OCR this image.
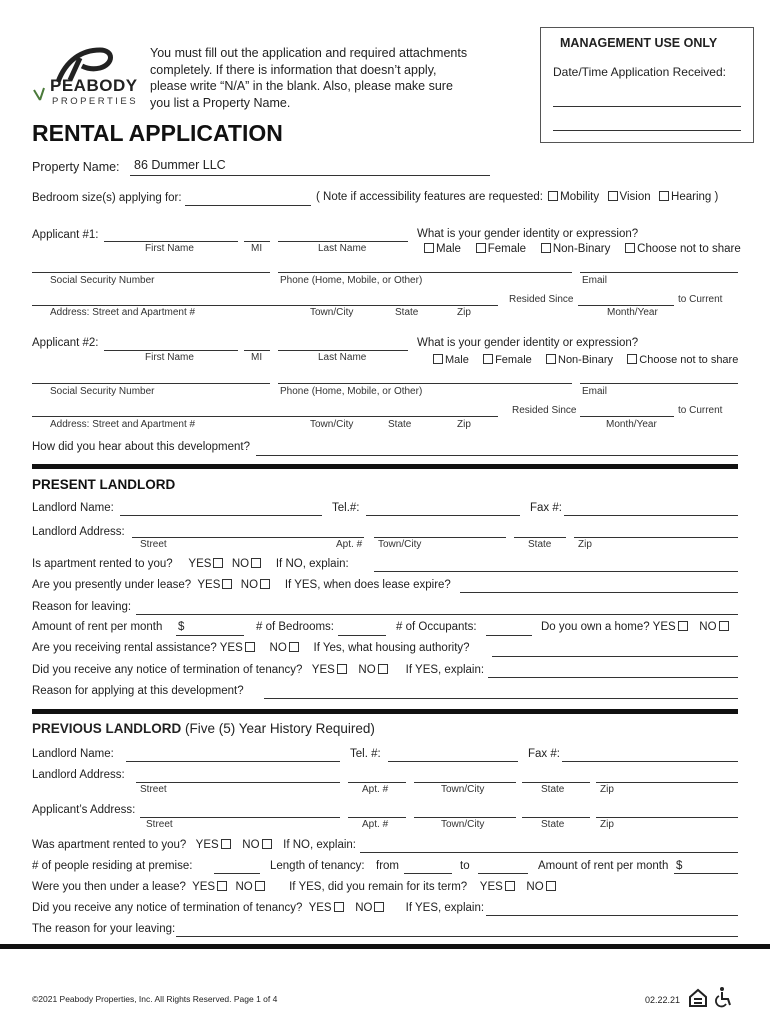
PEABODY
PROPERTIES
You must fill out the application and required attachments
completely. If there is information that doesn’t apply,
please write “N/A” in the blank. Also, please make sure
you list a Property Name.
MANAGEMENT USE ONLY
Date/Time Application Received:
RENTAL APPLICATION
Property Name: 86 Dummer LLC
Bedroom size(s) applying for:	( Note if accessibility features are requested: Mobility Vision Hearing )
Applicant #1:
First Name	MI	Last Name
What is your gender identity or expression?
Male Female Non-Binary Choose not to share
Social Security Number	Phone (Home, Mobile, or Other)	Email
Resided Since	to Current
Address: Street and Apartment #	Town/City	State	Zip	Month/Year
Applicant #2:
First Name	MI	Last Name
What is your gender identity or expression?
Male Female Non-Binary Choose not to share
Social Security Number	Phone (Home, Mobile, or Other)	Email
Resided Since	to Current
Address: Street and Apartment #	Town/City	State	Zip	Month/Year
How did you hear about this development?
PRESENT LANDLORD
Landlord Name:	Tel.#:	Fax #:
Landlord Address:
Street	Apt. # Town/City	State	Zip
Is apartment rented to you? YES NO If NO, explain:
Are you presently under lease? YES NO If YES, when does lease expire?
Reason for leaving:
Amount of rent per month $	# of Bedrooms:	# of Occupants:	Do you own a home? YES NO
Are you receiving rental assistance? YES NO If Yes, what housing authority?
Did you receive any notice of termination of tenancy? YES NO	If YES, explain:
Reason for applying at this development?
PREVIOUS LANDLORD (Five (5) Year History Required)
Landlord Name:	Tel. #:	Fax #:
Landlord Address:
Street	Apt. #	Town/City	State	Zip
Applicant’s Address:
Street	Apt. #	Town/City	State	Zip
Was apartment rented to you? YES NO If NO, explain:
# of people residing at premise:	Length of tenancy: from	to	Amount of rent per month $
Were you then under a lease? YES NO	If YES, did you remain for its term? YES NO
Did you receive any notice of termination of tenancy? YES NO	If YES, explain:
The reason for your leaving:
©2021 Peabody Properties, Inc. All Rights Reserved. Page 1 of 4	02.22.21
